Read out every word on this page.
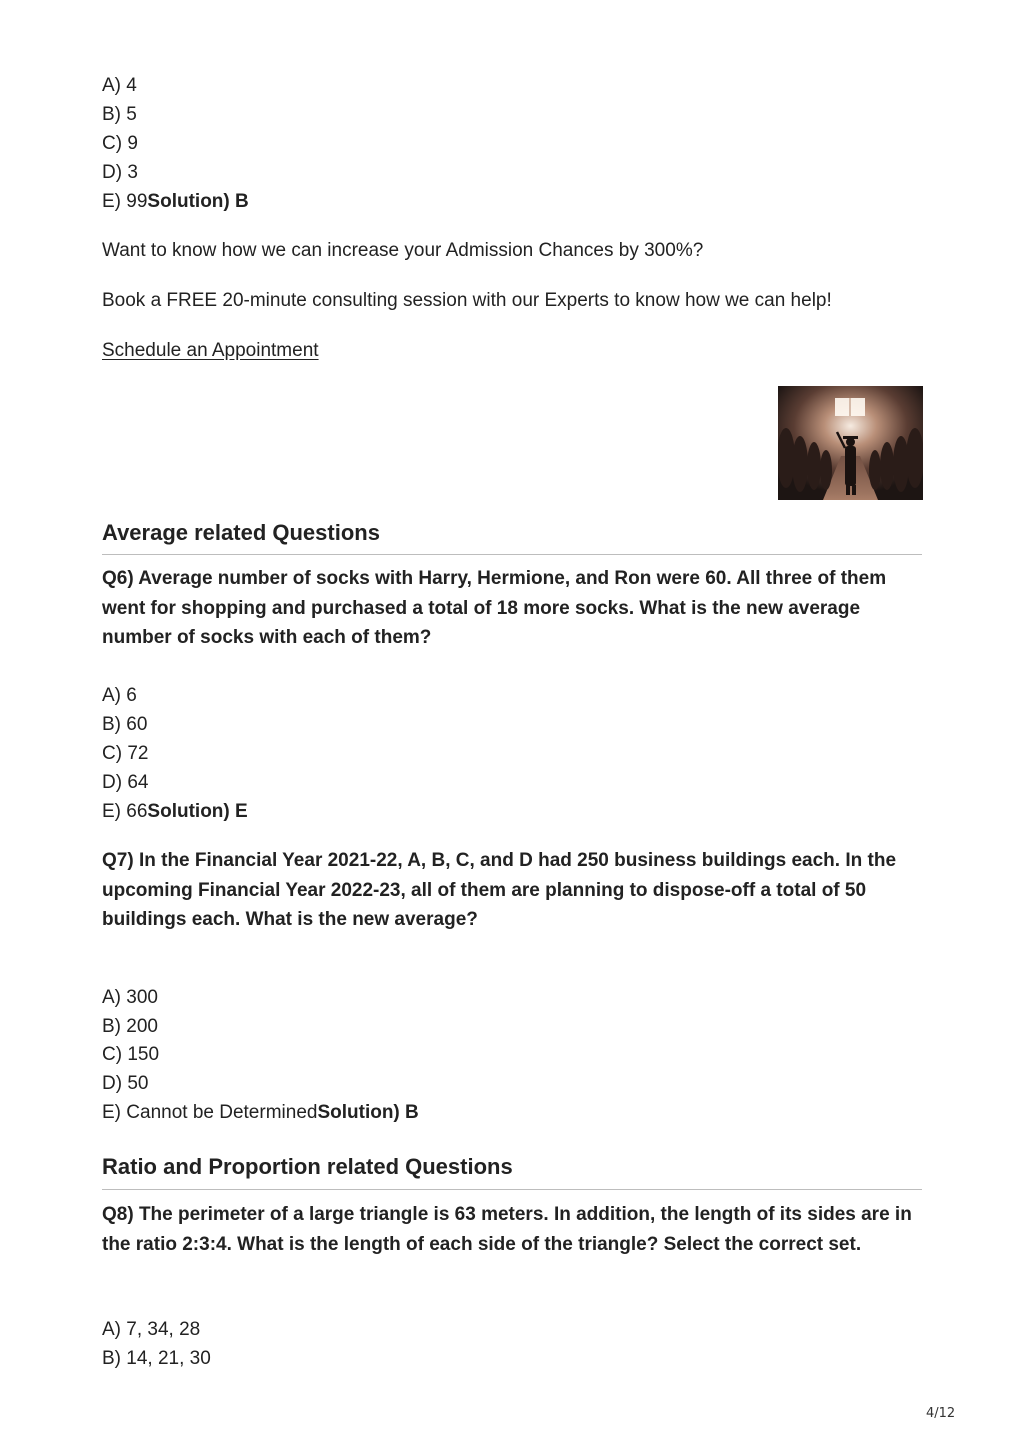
A) 4
B) 5
C) 9
D) 3
E) 99Solution) B
Want to know how we can increase your Admission Chances by 300%?
Book a FREE 20-minute consulting session with our Experts to know how we can help!
Schedule an Appointment
Average related Questions
Q6) Average number of socks with Harry, Hermione, and Ron were 60. All three of them went for shopping and purchased a total of 18 more socks. What is the new average number of socks with each of them?
A) 6
B) 60
C) 72
D) 64
E) 66Solution) E
Q7) In the Financial Year 2021-22, A, B, C, and D had 250 business buildings each. In the upcoming Financial Year 2022-23, all of them are planning to dispose-off a total of 50 buildings each. What is the new average?
A) 300
B) 200
C) 150
D) 50
E) Cannot be DeterminedSolution) B
Ratio and Proportion related Questions
Q8) The perimeter of a large triangle is 63 meters. In addition, the length of its sides are in the ratio 2:3:4. What is the length of each side of the triangle? Select the correct set.
A) 7, 34, 28
B) 14, 21, 30
4/12
